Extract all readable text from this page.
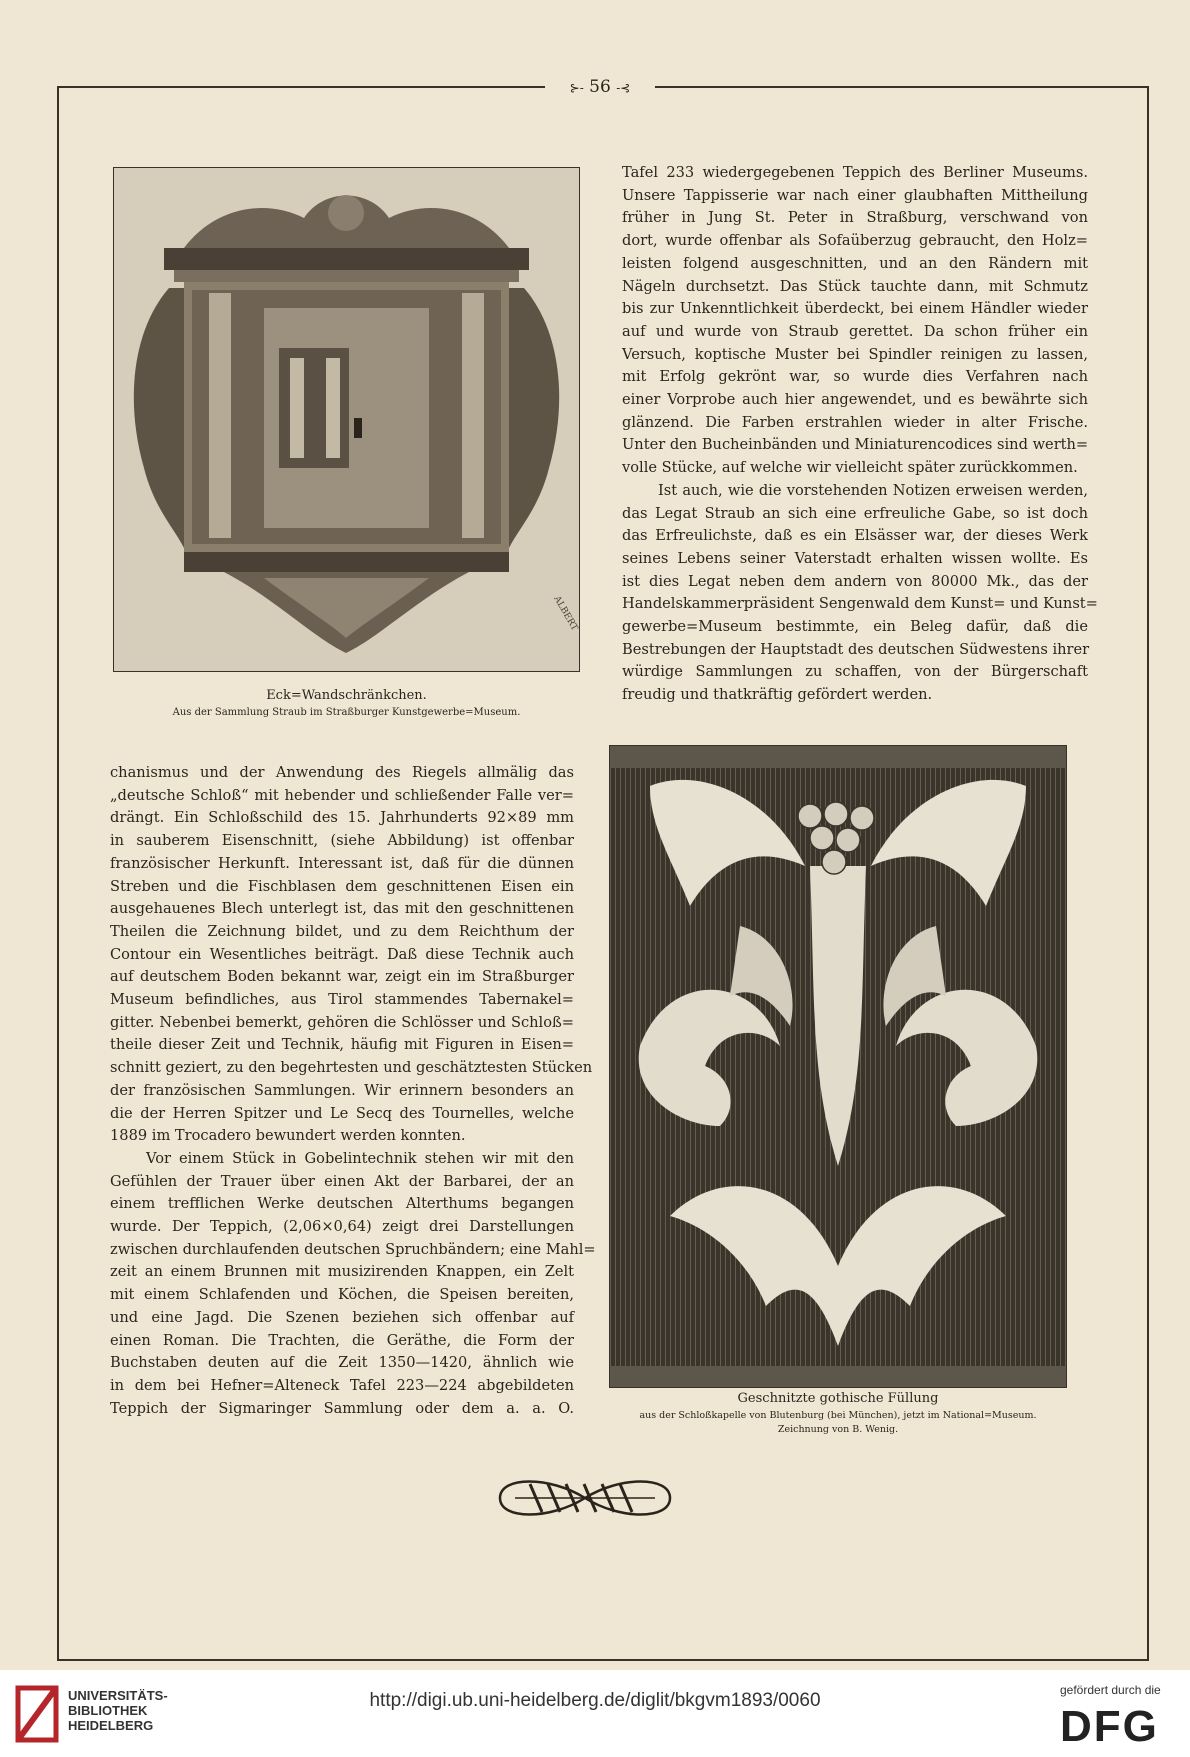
⊱- 56 -⊰
ALBERT
Eck=Wandschränkchen.
Aus der Sammlung Straub im Straßburger Kunstgewerbe=Museum.
Tafel 233 wiedergegebenen Teppich des Berliner Museums.
Unsere Tappisserie war nach einer glaubhaften Mittheilung
früher in Jung St. Peter in Straßburg, verschwand von
dort, wurde offenbar als Sofaüberzug gebraucht, den Holz=
leisten folgend ausgeschnitten, und an den Rändern mit
Nägeln durchsetzt. Das Stück tauchte dann, mit Schmutz
bis zur Unkenntlichkeit überdeckt, bei einem Händler wieder
auf und wurde von Straub gerettet. Da schon früher ein
Versuch, koptische Muster bei Spindler reinigen zu lassen,
mit Erfolg gekrönt war, so wurde dies Verfahren nach
einer Vorprobe auch hier angewendet, und es bewährte sich
glänzend. Die Farben erstrahlen wieder in alter Frische.
Unter den Bucheinbänden und Miniaturencodices sind werth=
volle Stücke, auf welche wir vielleicht später zurückkommen.
Ist auch, wie die vorstehenden Notizen erweisen werden,
das Legat Straub an sich eine erfreuliche Gabe, so ist doch
das Erfreulichste, daß es ein Elsässer war, der dieses Werk
seines Lebens seiner Vaterstadt erhalten wissen wollte. Es
ist dies Legat neben dem andern von 80000 Mk., das der
Handelskammerpräsident Sengenwald dem Kunst= und Kunst=
gewerbe=Museum bestimmte, ein Beleg dafür, daß die
Bestrebungen der Hauptstadt des deutschen Südwestens ihrer
würdige Sammlungen zu schaffen, von der Bürgerschaft
freudig und thatkräftig gefördert werden.
Geschnitzte gothische Füllung
aus der Schloßkapelle von Blutenburg (bei München), jetzt im National=Museum.
Zeichnung von B. Wenig.
chanismus und der Anwendung des Riegels allmälig das
„deutsche Schloß“ mit hebender und schließender Falle ver=
drängt. Ein Schloßschild des 15. Jahrhunderts 92×89 mm
in sauberem Eisenschnitt, (siehe Abbildung) ist offenbar
französischer Herkunft. Interessant ist, daß für die dünnen
Streben und die Fischblasen dem geschnittenen Eisen ein
ausgehauenes Blech unterlegt ist, das mit den geschnittenen
Theilen die Zeichnung bildet, und zu dem Reichthum der
Contour ein Wesentliches beiträgt. Daß diese Technik auch
auf deutschem Boden bekannt war, zeigt ein im Straßburger
Museum befindliches, aus Tirol stammendes Tabernakel=
gitter. Nebenbei bemerkt, gehören die Schlösser und Schloß=
theile dieser Zeit und Technik, häufig mit Figuren in Eisen=
schnitt geziert, zu den begehrtesten und geschätztesten Stücken
der französischen Sammlungen. Wir erinnern besonders an
die der Herren Spitzer und Le Secq des Tournelles, welche
1889 im Trocadero bewundert werden konnten.
Vor einem Stück in Gobelintechnik stehen wir mit den
Gefühlen der Trauer über einen Akt der Barbarei, der an
einem trefflichen Werke deutschen Alterthums begangen
wurde. Der Teppich, (2,06×0,64) zeigt drei Darstellungen
zwischen durchlaufenden deutschen Spruchbändern; eine Mahl=
zeit an einem Brunnen mit musizirenden Knappen, ein Zelt
mit einem Schlafenden und Köchen, die Speisen bereiten,
und eine Jagd. Die Szenen beziehen sich offenbar auf
einen Roman. Die Trachten, die Geräthe, die Form der
Buchstaben deuten auf die Zeit 1350—1420, ähnlich wie
in dem bei Hefner=Alteneck Tafel 223—224 abgebildeten
Teppich der Sigmaringer Sammlung oder dem a. a. O.
UNIVERSITÄTS-
BIBLIOTHEK
HEIDELBERG
http://digi.ub.uni-heidelberg.de/diglit/bkgvm1893/0060	gefördert durch die
DFG
